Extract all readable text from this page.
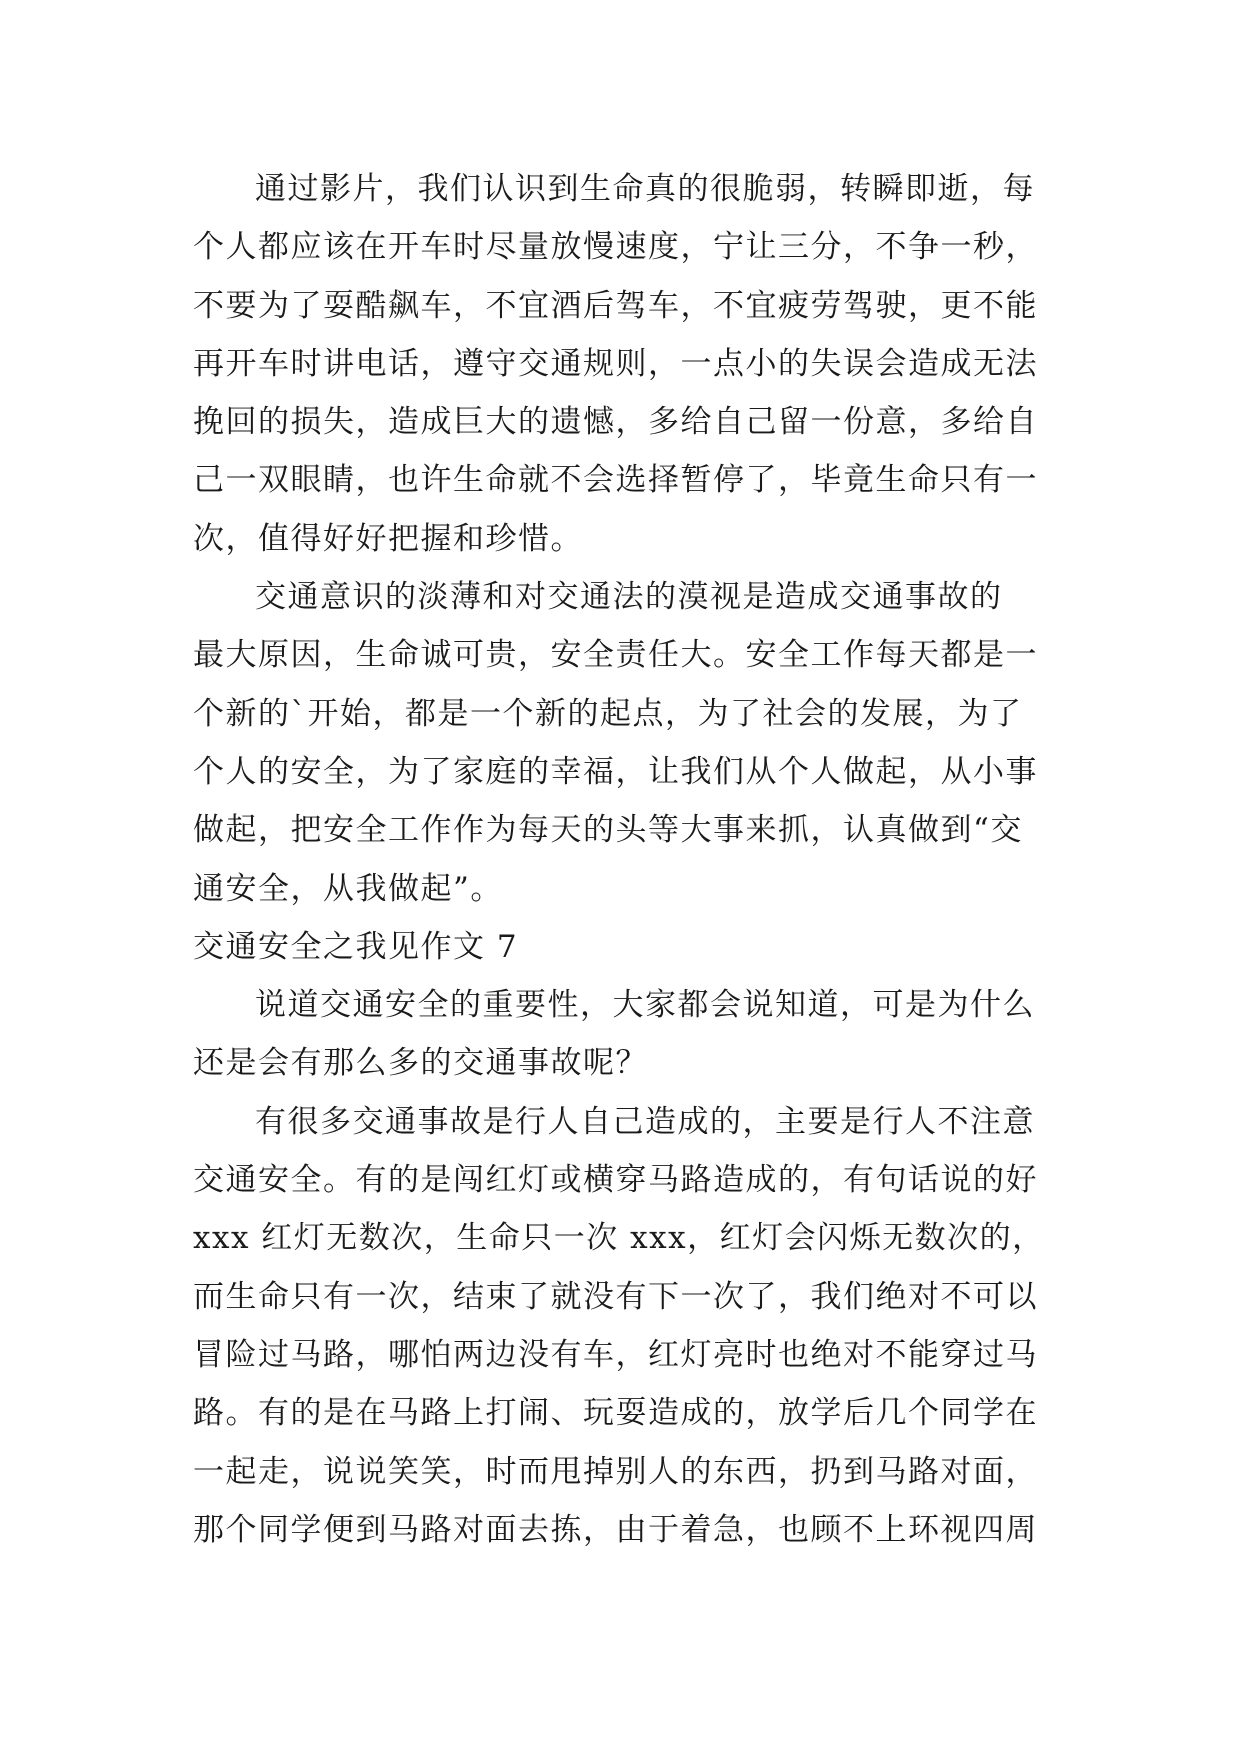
通过影片，我们认识到生命真的很脆弱，转瞬即逝，每
个人都应该在开车时尽量放慢速度，宁让三分，不争一秒，
不要为了耍酷飙车，不宜酒后驾车，不宜疲劳驾驶，更不能
再开车时讲电话，遵守交通规则，一点小的失误会造成无法
挽回的损失，造成巨大的遗憾，多给自己留一份意，多给自
己一双眼睛，也许生命就不会选择暂停了，毕竟生命只有一
次，值得好好把握和珍惜。

交通意识的淡薄和对交通法的漠视是造成交通事故的
最大原因，生命诚可贵，安全责任大。安全工作每天都是一
个新的`开始，都是一个新的起点，为了社会的发展，为了
个人的安全，为了家庭的幸福，让我们从个人做起，从小事
做起，把安全工作作为每天的头等大事来抓，认真做到“交
通安全，从我做起”。

交通安全之我见作文 7

说道交通安全的重要性，大家都会说知道，可是为什么
还是会有那么多的交通事故呢？

有很多交通事故是行人自己造成的，主要是行人不注意
交通安全。有的是闯红灯或横穿马路造成的，有句话说的好
xxx 红灯无数次，生命只一次 xxx，红灯会闪烁无数次的，
而生命只有一次，结束了就没有下一次了，我们绝对不可以
冒险过马路，哪怕两边没有车，红灯亮时也绝对不能穿过马
路。有的是在马路上打闹、玩耍造成的，放学后几个同学在
一起走，说说笑笑，时而甩掉别人的东西，扔到马路对面，
那个同学便到马路对面去拣，由于着急，也顾不上环视四周
